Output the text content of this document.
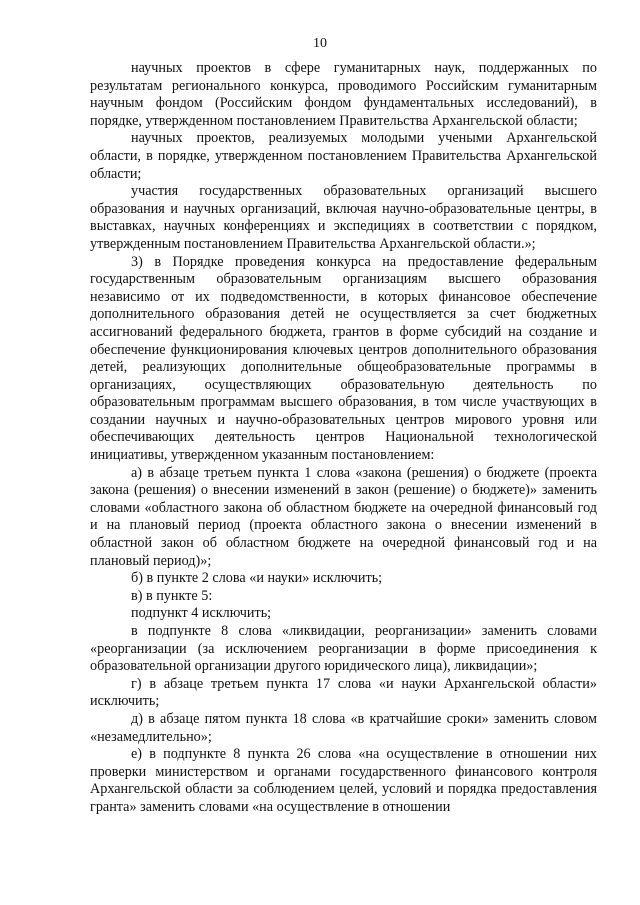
10

научных проектов в сфере гуманитарных наук, поддержанных по результатам регионального конкурса, проводимого Российским гуманитарным научным фондом (Российским фондом фундаментальных исследований), в порядке, утвержденном постановлением Правительства Архангельской области;

научных проектов, реализуемых молодыми учеными Архангельской области, в порядке, утвержденном постановлением Правительства Архангельской области;

участия государственных образовательных организаций высшего образования и научных организаций, включая научно-образовательные центры, в выставках, научных конференциях и экспедициях в соответствии с порядком, утвержденным постановлением Правительства Архангельской области.»;

3) в Порядке проведения конкурса на предоставление федеральным государственным образовательным организациям высшего образования независимо от их подведомственности, в которых финансовое обеспечение дополнительного образования детей не осуществляется за счет бюджетных ассигнований федерального бюджета, грантов в форме субсидий на создание и обеспечение функционирования ключевых центров дополнительного образования детей, реализующих дополнительные общеобразовательные программы в организациях, осуществляющих образовательную деятельность по образовательным программам высшего образования, в том числе участвующих в создании научных и научно-образовательных центров мирового уровня или обеспечивающих деятельность центров Национальной технологической инициативы, утвержденном указанным постановлением:

а) в абзаце третьем пункта 1 слова «закона (решения) о бюджете (проекта закона (решения) о внесении изменений в закон (решение) о бюджете)» заменить словами «областного закона об областном бюджете на очередной финансовый год и на плановый период (проекта областного закона о внесении изменений в областной закон об областном бюджете на очередной финансовый год и на плановый период)»;

б) в пункте 2 слова «и науки» исключить;

в) в пункте 5:

подпункт 4 исключить;

в подпункте 8 слова «ликвидации, реорганизации» заменить словами «реорганизации (за исключением реорганизации в форме присоединения к образовательной организации другого юридического лица), ликвидации»;

г) в абзаце третьем пункта 17 слова «и науки Архангельской области» исключить;

д) в абзаце пятом пункта 18 слова «в кратчайшие сроки» заменить словом «незамедлительно»;

е) в подпункте 8 пункта 26 слова «на осуществление в отношении них проверки министерством и органами государственного финансового контроля Архангельской области за соблюдением целей, условий и порядка предоставления гранта» заменить словами «на осуществление в отношении
